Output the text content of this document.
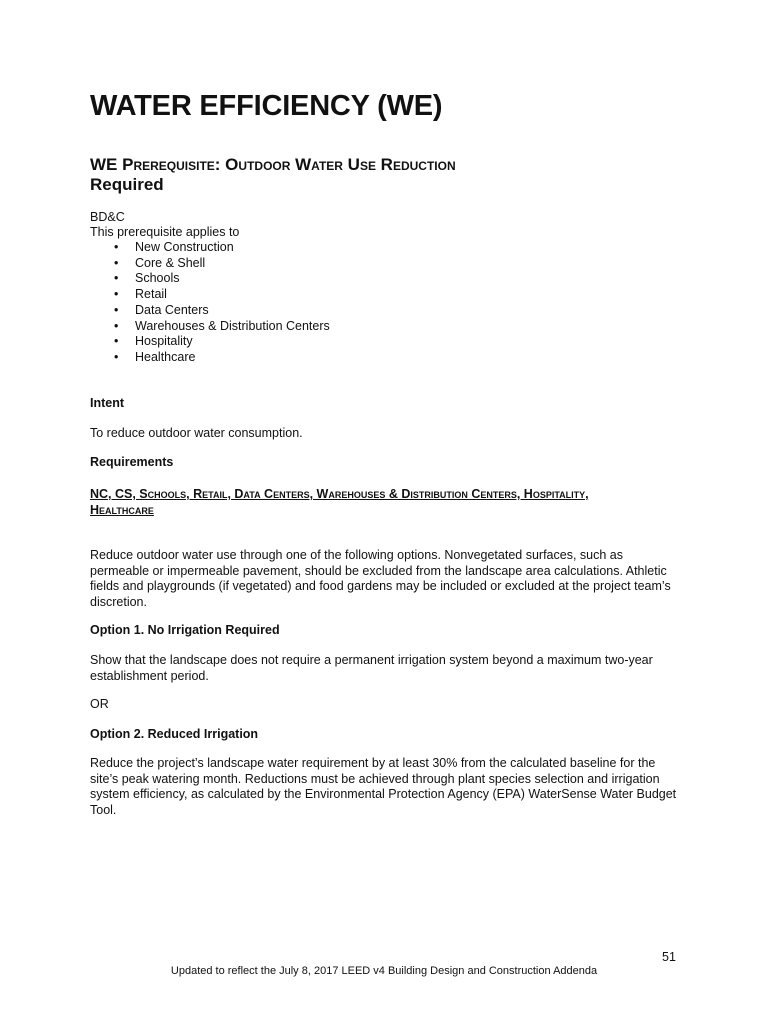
WATER EFFICIENCY (WE)
WE Prerequisite: Outdoor Water Use Reduction
Required
BD&C
This prerequisite applies to
• New Construction
• Core & Shell
• Schools
• Retail
• Data Centers
• Warehouses & Distribution Centers
• Hospitality
• Healthcare
Intent
To reduce outdoor water consumption.
Requirements
NC, CS, Schools, Retail, Data Centers, Warehouses & Distribution Centers, Hospitality, Healthcare
Reduce outdoor water use through one of the following options. Nonvegetated surfaces, such as permeable or impermeable pavement, should be excluded from the landscape area calculations. Athletic fields and playgrounds (if vegetated) and food gardens may be included or excluded at the project team’s discretion.
Option 1. No Irrigation Required
Show that the landscape does not require a permanent irrigation system beyond a maximum two-year establishment period.
OR
Option 2. Reduced Irrigation
Reduce the project’s landscape water requirement by at least 30% from the calculated baseline for the site’s peak watering month. Reductions must be achieved through plant species selection and irrigation system efficiency, as calculated by the Environmental Protection Agency (EPA) WaterSense Water Budget Tool.
51
Updated to reflect the July 8, 2017 LEED v4 Building Design and Construction Addenda
